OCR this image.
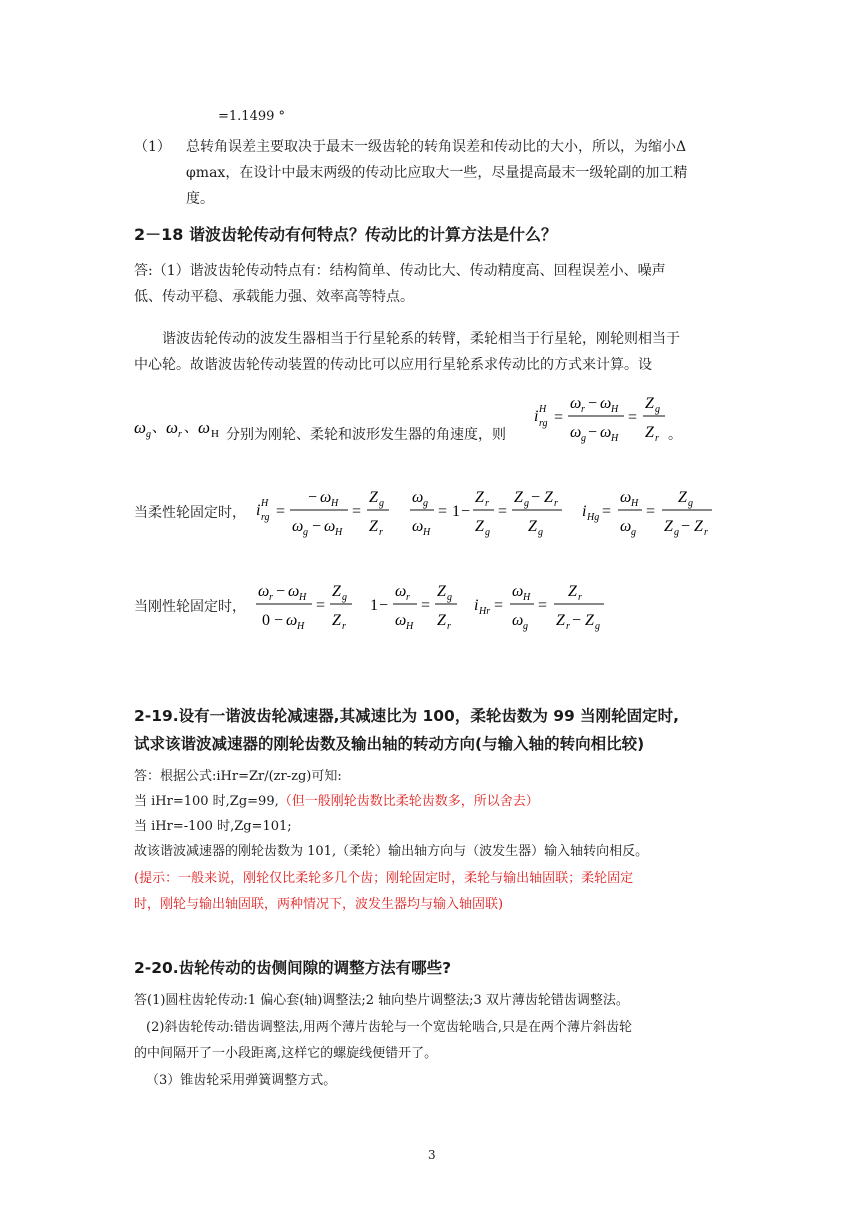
=1.1499 °
（1） 总转角误差主要取决于最末一级齿轮的转角误差和传动比的大小，所以，为缩小Δ
φmax，在设计中最末两级的传动比应取大一些，尽量提高最末一级轮副的加工精
度。
2－18 谐波齿轮传动有何特点？传动比的计算方法是什么？
答:（1）谐波齿轮传动特点有：结构简单、传动比大、传动精度高、回程误差小、噪声
低、传动平稳、承载能力强、效率高等特点。
谐波齿轮传动的波发生器相当于行星轮系的转臂，柔轮相当于行星轮，刚轮则相当于
中心轮。故谐波齿轮传动装置的传动比可以应用行星轮系求传动比的方式来计算。设
ω g 、 ω r 、 ω H 分别为刚轮、柔轮和波形发生器的角速度，则
i H
rg =
ω r − ω H
ω g − ω H
=
Z g
Z r 。
当柔性轮固定时， i H
rg =
− ω H
ω g − ω H
=
Z g
Z r
ω g
ω H
= 1 −
Z r
Z g
=
Z g − Z r
Z g
i Hg =
ω H
ω g
=
Z g
Z g − Z r
当刚性轮固定时，
ω r − ω H
0 − ω H
=
Z g
Z r
1 −
ω r
ω H
=
Z g
Z r
i Hr =
ω H
ω g
=
Z r
Z r − Z g
2-19.设有一谐波齿轮减速器,其减速比为 100，柔轮齿数为 99 当刚轮固定时,
试求该谐波减速器的刚轮齿数及输出轴的转动方向(与输入轴的转向相比较)
答：根据公式:iHr=Zr/(zr-zg)可知:
当 iHr=100 时,Zg=99,（但一般刚轮齿数比柔轮齿数多，所以舍去）
当 iHr=-100 时,Zg=101;
故该谐波减速器的刚轮齿数为 101,（柔轮）输出轴方向与（波发生器）输入轴转向相反。
(提示：一般来说，刚轮仅比柔轮多几个齿；刚轮固定时，柔轮与输出轴固联；柔轮固定
时，刚轮与输出轴固联，两种情况下，波发生器均与输入轴固联)
2-20.齿轮传动的齿侧间隙的调整方法有哪些?
答(1)圆柱齿轮传动:1 偏心套(轴)调整法;2 轴向垫片调整法;3 双片薄齿轮错齿调整法。
(2)斜齿轮传动:错齿调整法,用两个薄片齿轮与一个宽齿轮啮合,只是在两个薄片斜齿轮
的中间隔开了一小段距离,这样它的螺旋线便错开了。
（3）锥齿轮采用弹簧调整方式。
3
